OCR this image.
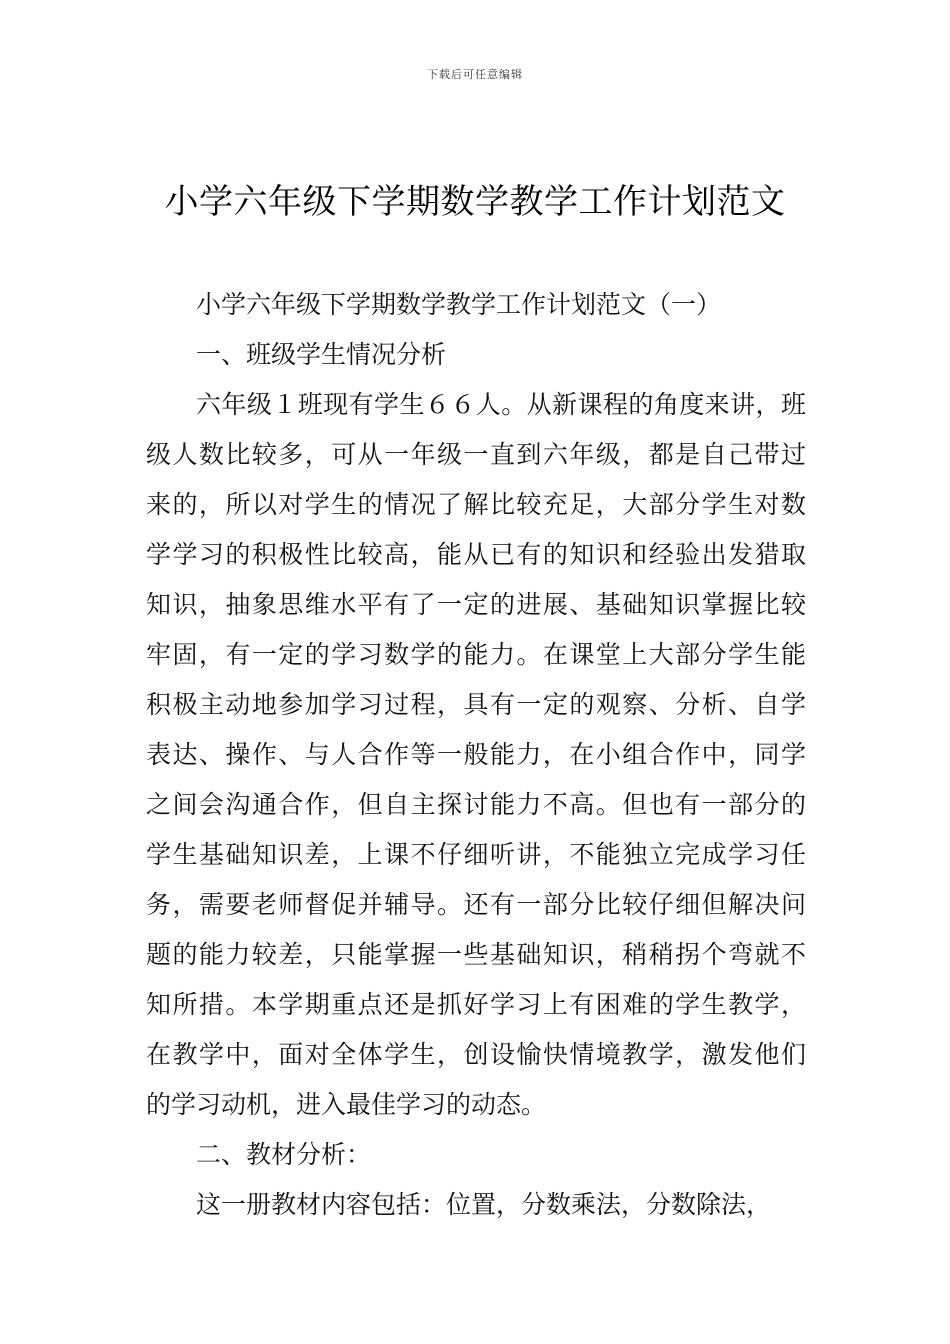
下载后可任意编辑
小学六年级下学期数学教学工作计划范文

小学六年级下学期数学教学工作计划范文（一）

一、班级学生情况分析

六年级１班现有学生６６人。从新课程的角度来讲，班

级人数比较多，可从一年级一直到六年级，都是自己带过

来的，所以对学生的情况了解比较充足，大部分学生对数

学学习的积极性比较高，能从已有的知识和经验出发猎取

知识，抽象思维水平有了一定的进展、基础知识掌握比较

牢固，有一定的学习数学的能力。在课堂上大部分学生能

积极主动地参加学习过程，具有一定的观察、分析、自学

表达、操作、与人合作等一般能力，在小组合作中，同学

之间会沟通合作，但自主探讨能力不高。但也有一部分的

学生基础知识差，上课不仔细听讲，不能独立完成学习任

务，需要老师督促并辅导。还有一部分比较仔细但解决问

题的能力较差，只能掌握一些基础知识，稍稍拐个弯就不

知所措。本学期重点还是抓好学习上有困难的学生教学，

在教学中，面对全体学生，创设愉快情境教学，激发他们

的学习动机，进入最佳学习的动态。

二、教材分析：

这一册教材内容包括：位置，分数乘法，分数除法，
